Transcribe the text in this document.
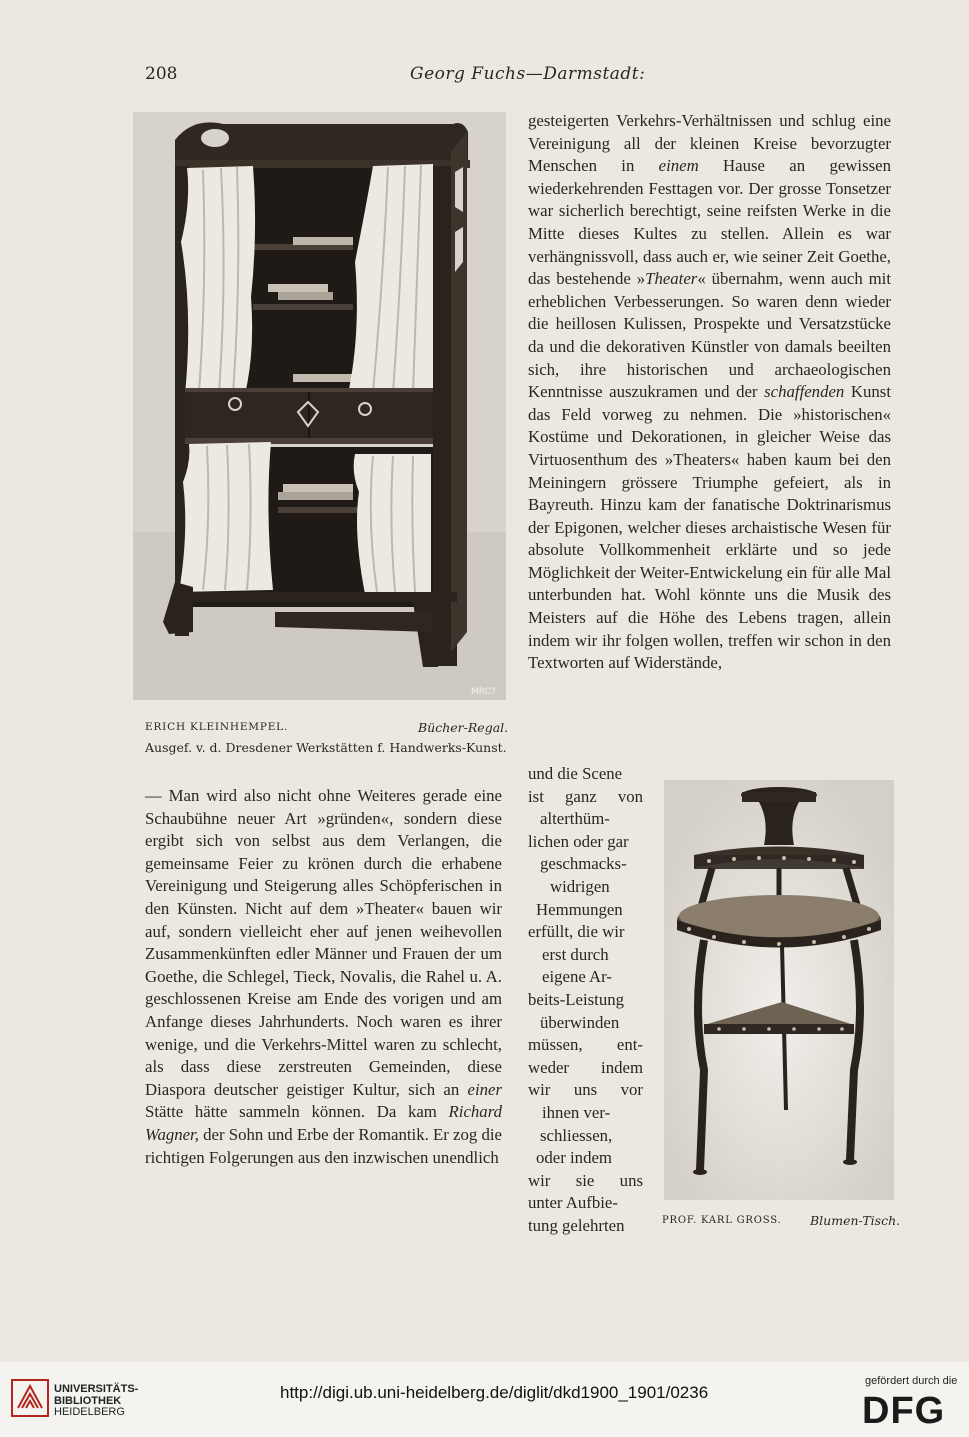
208	Georg Fuchs—Darmstadt:
MRC?
ERICH KLEINHEMPEL.	Bücher-Regal.
Ausgef. v. d. Dresdener Werkstätten f. Handwerks-Kunst.

gesteigerten Verkehrs-Verhältnissen und schlug eine Vereinigung all der kleinen Kreise bevorzugter Menschen in einem Hause an gewissen wiederkehrenden Festtagen vor. Der grosse Tonsetzer war sicherlich berechtigt, seine reifsten Werke in die Mitte dieses Kultes zu stellen. Allein es war verhängnissvoll, dass auch er, wie seiner Zeit Goethe, das bestehende »Theater« übernahm, wenn auch mit erheblichen Verbesserungen. So waren denn wieder die heillosen Kulissen, Prospekte und Versatzstücke da und die dekorativen Künstler von damals beeilten sich, ihre historischen und archaeologischen Kenntnisse auszukramen und der schaffenden Kunst das Feld vorweg zu nehmen. Die »historischen« Kostüme und Dekorationen, in gleicher Weise das Virtuosenthum des »Theaters« haben kaum bei den Meiningern grössere Triumphe gefeiert, als in Bayreuth. Hinzu kam der fanatische Doktrinarismus der Epigonen, welcher dieses archaistische Wesen für absolute Vollkommenheit erklärte und so jede Möglichkeit der Weiter-Entwickelung ein für alle Mal unterbunden hat. Wohl könnte uns die Musik des Meisters auf die Höhe des Lebens tragen, allein indem wir ihr folgen wollen, treffen wir schon in den Textworten auf Widerstände,

und die Scene
ist ganz von
alterthüm-
lichen oder gar
geschmacks-
widrigen
Hemmungen
erfüllt, die wir
erst durch
eigene Ar-
beits-Leistung
überwinden
müssen, ent-
weder indem
wir uns vor
ihnen ver-
schliessen,
oder indem
wir sie uns
unter Aufbie-
tung gelehrten	PROF. KARL GROSS. Blumen-Tisch.

— Man wird also nicht ohne Weiteres gerade eine Schaubühne neuer Art »gründen«, sondern diese ergibt sich von selbst aus dem Verlangen, die gemeinsame Feier zu krönen durch die erhabene Vereinigung und Steigerung alles Schöpferischen in den Künsten. Nicht auf dem »Theater« bauen wir auf, sondern vielleicht eher auf jenen weihevollen Zusammenkünften edler Männer und Frauen der um Goethe, die Schlegel, Tieck, Novalis, die Rahel u. A. geschlossenen Kreise am Ende des vorigen und am Anfange dieses Jahrhunderts. Noch waren es ihrer wenige, und die Verkehrs-Mittel waren zu schlecht, als dass diese zerstreuten Gemeinden, diese Diaspora deutscher geistiger Kultur, sich an einer Stätte hätte sammeln können. Da kam Richard Wagner, der Sohn und Erbe der Romantik. Er zog die richtigen Folgerungen aus den inzwischen unendlich

UNIVERSITÄTS-
BIBLIOTHEK
HEIDELBERG
http://digi.ub.uni-heidelberg.de/diglit/dkd1900_1901/0236
gefördert durch die
DFG
